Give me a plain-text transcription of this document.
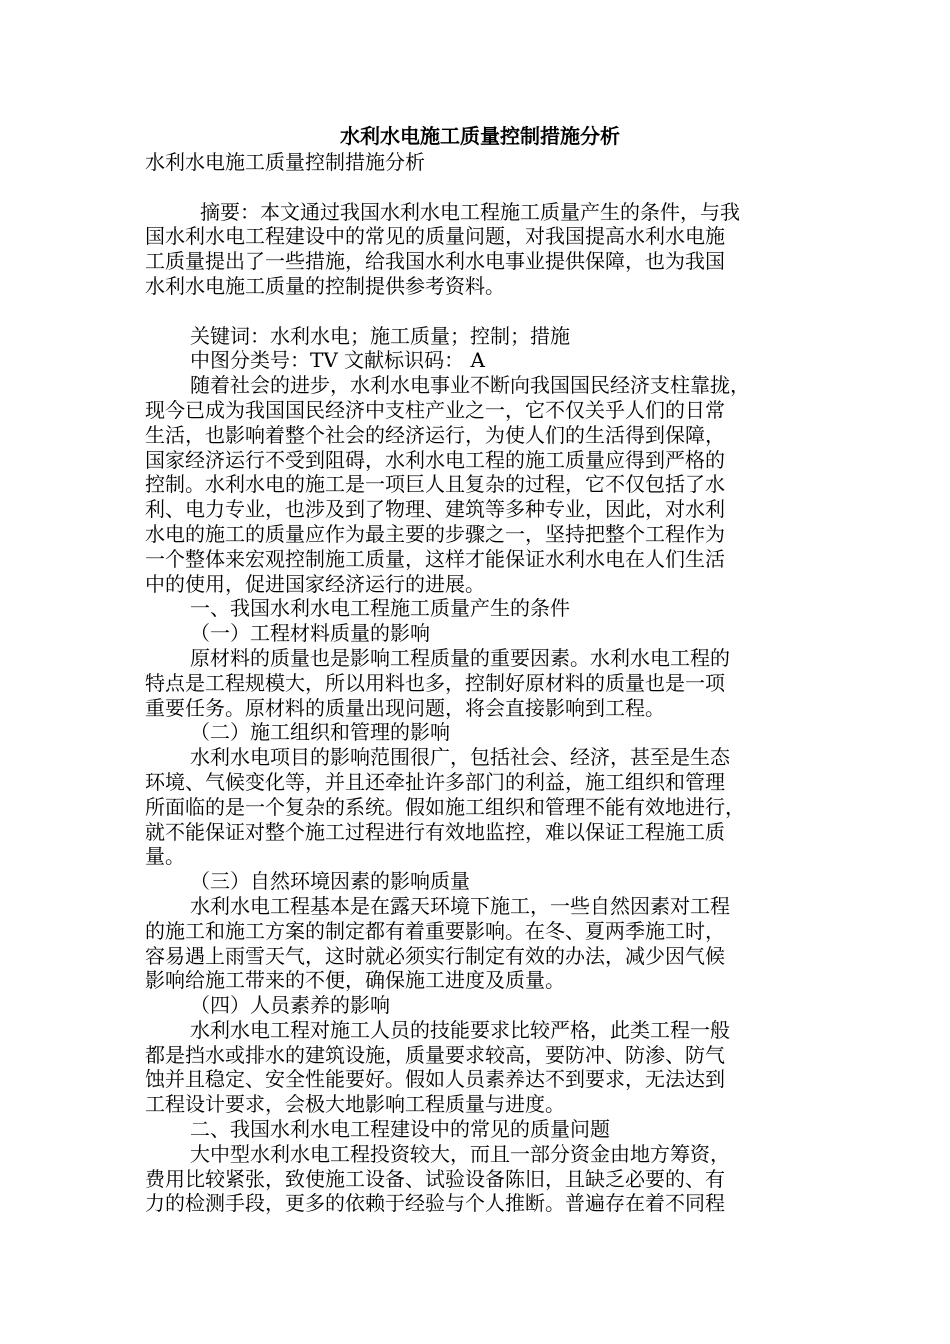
水利水电施工质量控制措施分析

水利水电施工质量控制措施分析

摘要：本文通过我国水利水电工程施工质量产生的条件，与我

国水利水电工程建设中的常见的质量问题，对我国提高水利水电施

工质量提出了一些措施，给我国水利水电事业提供保障，也为我国

水利水电施工质量的控制提供参考资料。

关键词：水利水电；施工质量；控制；措施

中图分类号：TV 文献标识码： A

随着社会的进步，水利水电事业不断向我国国民经济支柱靠拢，

现今已成为我国国民经济中支柱产业之一，它不仅关乎人们的日常

生活，也影响着整个社会的经济运行，为使人们的生活得到保障，

国家经济运行不受到阻碍，水利水电工程的施工质量应得到严格的

控制。水利水电的施工是一项巨人且复杂的过程，它不仅包括了水

利、电力专业，也涉及到了物理、建筑等多种专业，因此，对水利

水电的施工的质量应作为最主要的步骤之一，坚持把整个工程作为

一个整体来宏观控制施工质量，这样才能保证水利水电在人们生活

中的使用，促进国家经济运行的进展。

一、我国水利水电工程施工质量产生的条件

（一）工程材料质量的影响

原材料的质量也是影响工程质量的重要因素。水利水电工程的

特点是工程规模大，所以用料也多，控制好原材料的质量也是一项

重要任务。原材料的质量出现问题，将会直接影响到工程。

（二）施工组织和管理的影响

水利水电项目的影响范围很广，包括社会、经济，甚至是生态

环境、气候变化等，并且还牵扯许多部门的利益，施工组织和管理

所面临的是一个复杂的系统。假如施工组织和管理不能有效地进行，

就不能保证对整个施工过程进行有效地监控，难以保证工程施工质

量。

（三）自然环境因素的影响质量

水利水电工程基本是在露天环境下施工，一些自然因素对工程

的施工和施工方案的制定都有着重要影响。在冬、夏两季施工时，

容易遇上雨雪天气，这时就必须实行制定有效的办法，减少因气候

影响给施工带来的不便，确保施工进度及质量。

（四）人员素养的影响

水利水电工程对施工人员的技能要求比较严格，此类工程一般

都是挡水或排水的建筑设施，质量要求较高，要防冲、防渗、防气

蚀并且稳定、安全性能要好。假如人员素养达不到要求，无法达到

工程设计要求，会极大地影响工程质量与进度。

二、我国水利水电工程建设中的常见的质量问题

大中型水利水电工程投资较大，而且一部分资金由地方筹资，

费用比较紧张，致使施工设备、试验设备陈旧，且缺乏必要的、有

力的检测手段，更多的依赖于经验与个人推断。普遍存在着不同程
